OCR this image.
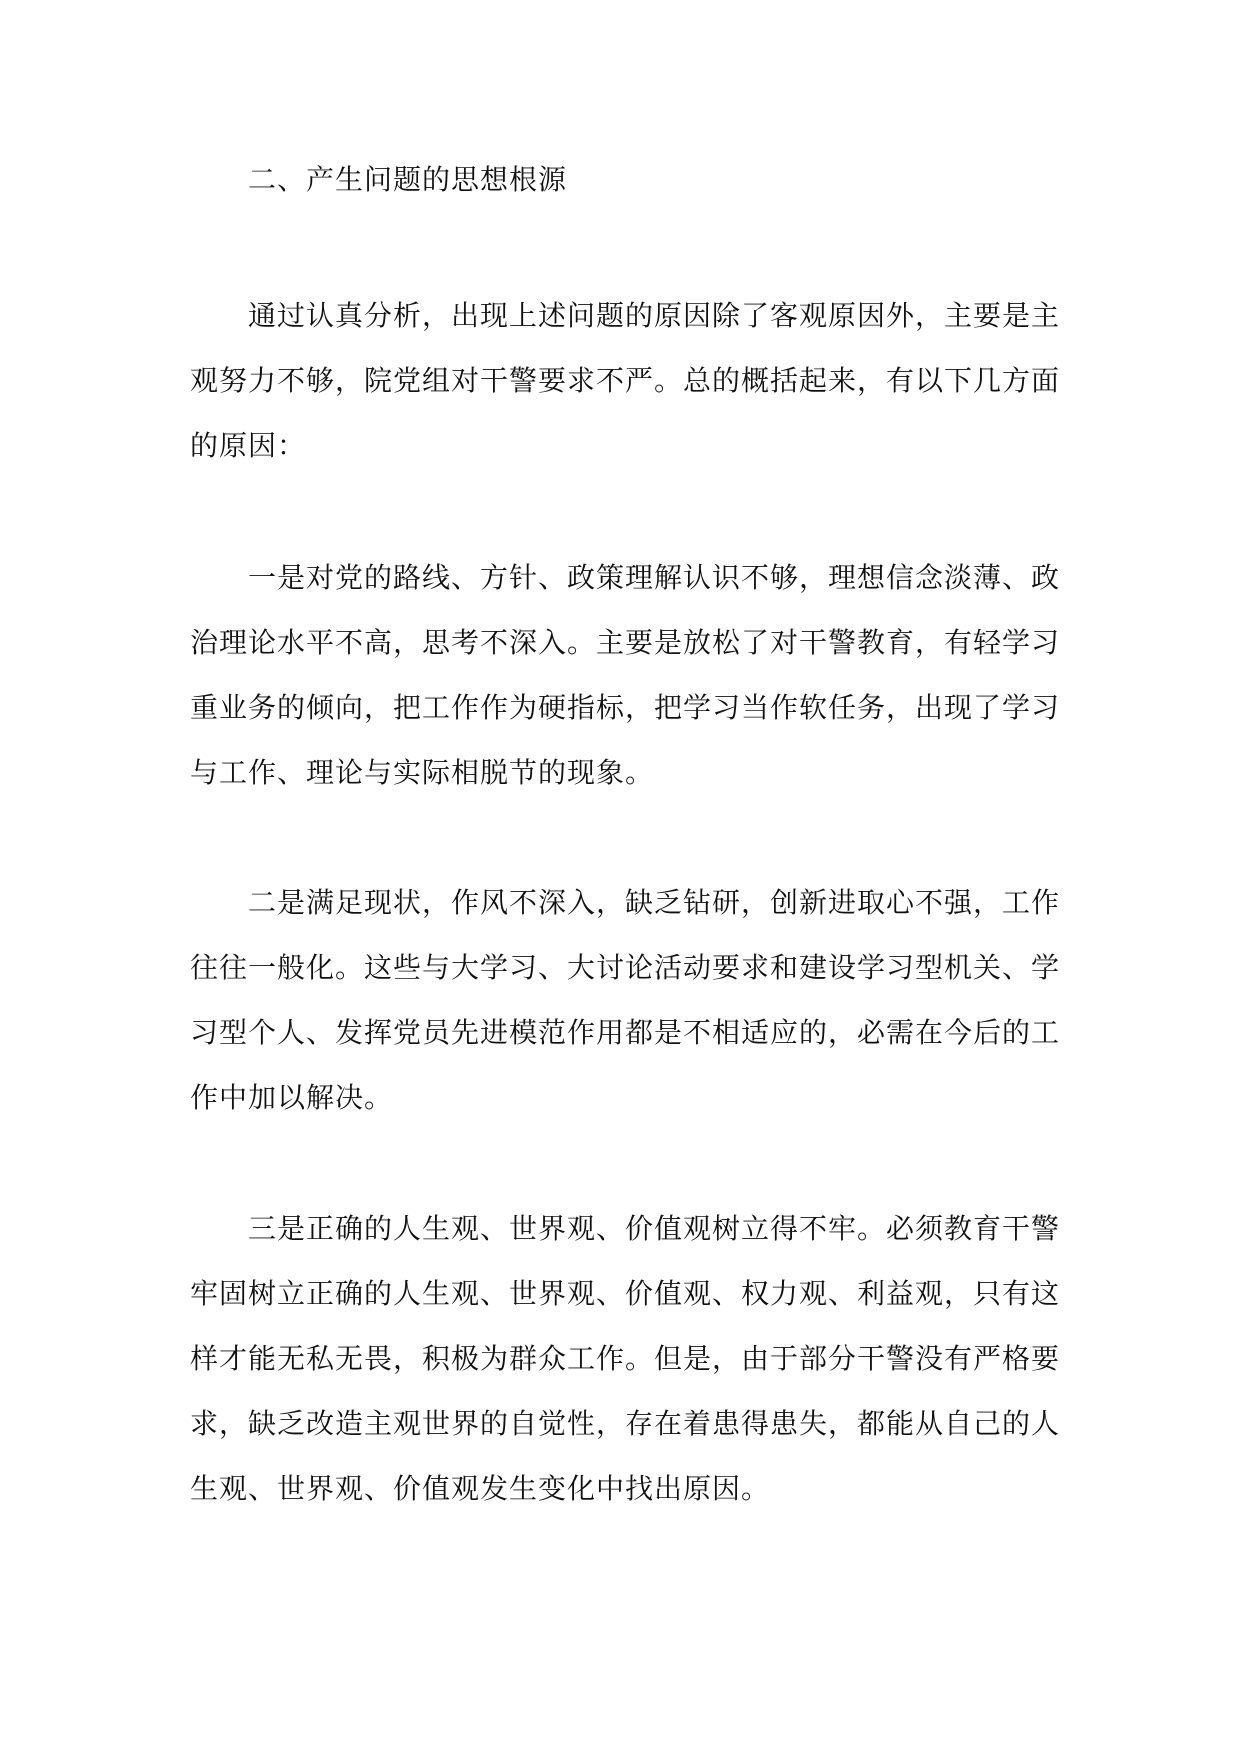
二、产生问题的思想根源

通过认真分析，出现上述问题的原因除了客观原因外，主要是主观努力不够，院党组对干警要求不严。总的概括起来，有以下几方面的原因：

一是对党的路线、方针、政策理解认识不够，理想信念淡薄、政治理论水平不高，思考不深入。主要是放松了对干警教育，有轻学习重业务的倾向，把工作作为硬指标，把学习当作软任务，出现了学习与工作、理论与实际相脱节的现象。

二是满足现状，作风不深入，缺乏钻研，创新进取心不强，工作往往一般化。这些与大学习、大讨论活动要求和建设学习型机关、学习型个人、发挥党员先进模范作用都是不相适应的，必需在今后的工作中加以解决。

三是正确的人生观、世界观、价值观树立得不牢。必须教育干警牢固树立正确的人生观、世界观、价值观、权力观、利益观，只有这样才能无私无畏，积极为群众工作。但是，由于部分干警没有严格要求，缺乏改造主观世界的自觉性，存在着患得患失，都能从自己的人生观、世界观、价值观发生变化中找出原因。
